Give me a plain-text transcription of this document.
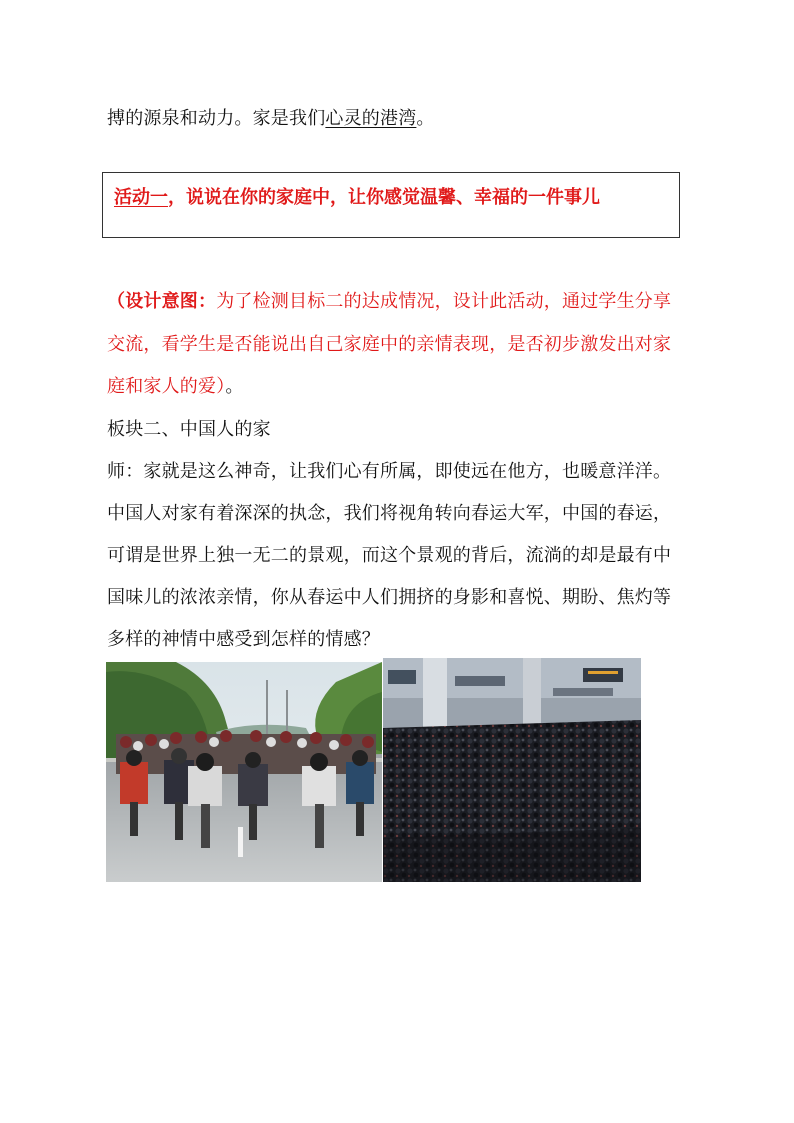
搏的源泉和动力。家是我们心灵的港湾。
活动一，说说在你的家庭中，让你感觉温馨、幸福的一件事儿
（设计意图：为了检测目标二的达成情况，设计此活动，通过学生分享
交流，看学生是否能说出自己家庭中的亲情表现，是否初步激发出对家
庭和家人的爱）。
板块二、中国人的家
师：家就是这么神奇，让我们心有所属，即使远在他方，也暖意洋洋。
中国人对家有着深深的执念，我们将视角转向春运大军，中国的春运，
可谓是世界上独一无二的景观，而这个景观的背后，流淌的却是最有中
国味儿的浓浓亲情，你从春运中人们拥挤的身影和喜悦、期盼、焦灼等
多样的神情中感受到怎样的情感？
